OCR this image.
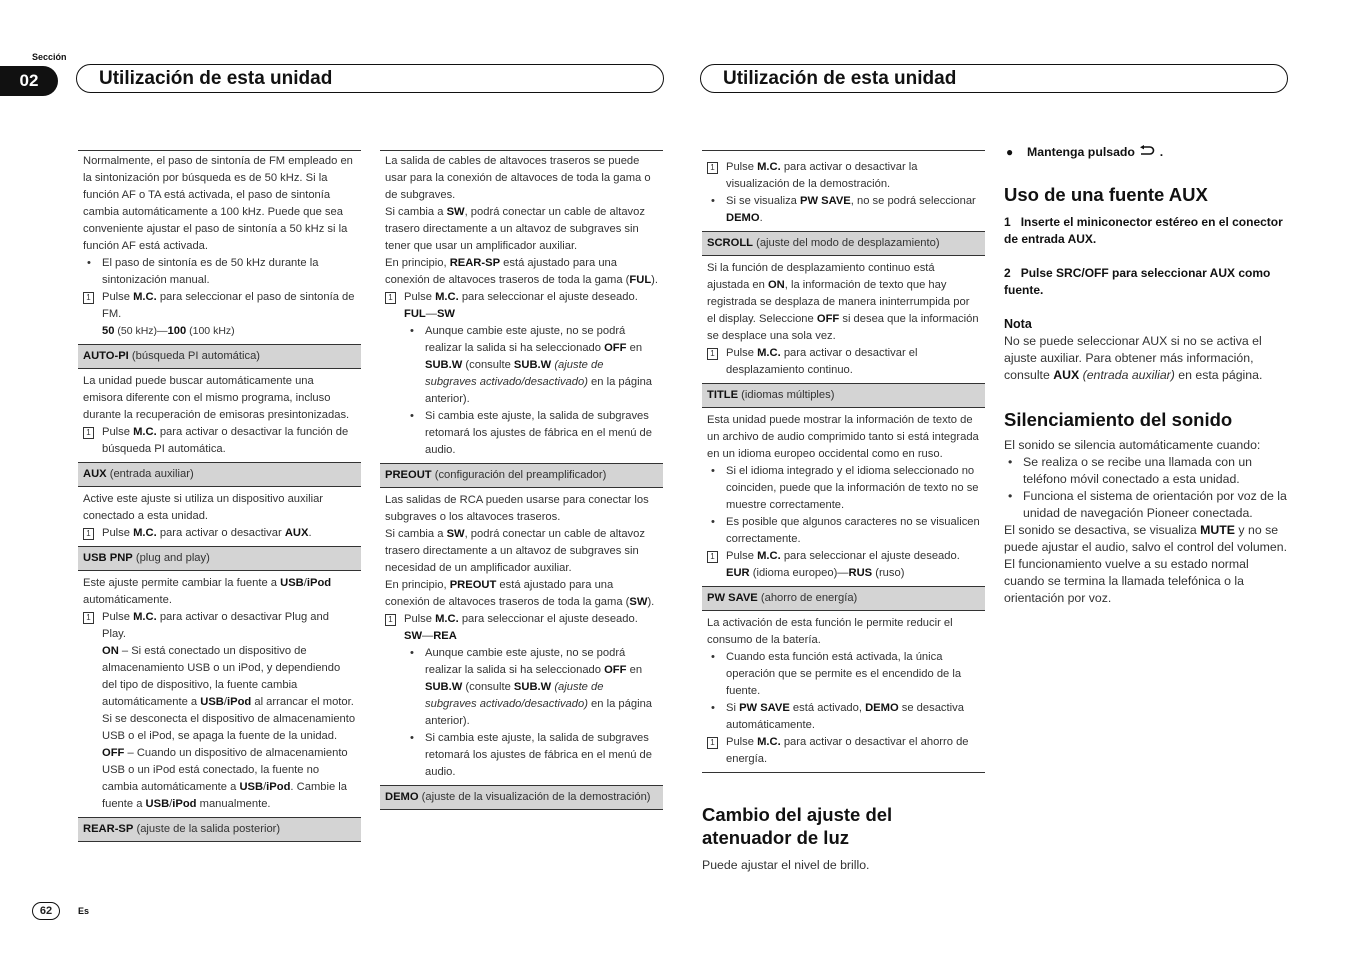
Sección
02	Utilización de esta unidad	Utilización de esta unidad

Normalmente, el paso de sintonía de FM empleado en la sintonización por búsqueda es de 50 kHz. Si la función AF o TA está activada, el paso de sintonía cambia automáticamente a 100 kHz. Puede que sea conveniente ajustar el paso de sintonía a 50 kHz si la función AF está activada.

• El paso de sintonía es de 50 kHz durante la sintonización manual.
1 Pulse M.C. para seleccionar el paso de sintonía de FM.
50 (50 kHz)—100 (100 kHz)
AUTO-PI (búsqueda PI automática)

La unidad puede buscar automáticamente una emisora diferente con el mismo programa, incluso durante la recuperación de emisoras presintonizadas.

1 Pulse M.C. para activar o desactivar la función de búsqueda PI automática.
AUX (entrada auxiliar)

Active este ajuste si utiliza un dispositivo auxiliar conectado a esta unidad.

1 Pulse M.C. para activar o desactivar AUX.
USB PNP (plug and play)

Este ajuste permite cambiar la fuente a USB/iPod automáticamente.

1 Pulse M.C. para activar o desactivar Plug and Play.
ON – Si está conectado un dispositivo de almacenamiento USB o un iPod, y dependiendo del tipo de dispositivo, la fuente cambia automáticamente a USB/iPod al arrancar el motor. Si se desconecta el dispositivo de almacenamiento USB o el iPod, se apaga la fuente de la unidad.
OFF – Cuando un dispositivo de almacenamiento USB o un iPod está conectado, la fuente no cambia automáticamente a USB/iPod. Cambie la fuente a USB/iPod manualmente.
REAR-SP (ajuste de la salida posterior)

La salida de cables de altavoces traseros se puede usar para la conexión de altavoces de toda la gama o de subgraves.

Si cambia a SW, podrá conectar un cable de altavoz trasero directamente a un altavoz de subgraves sin tener que usar un amplificador auxiliar.

En principio, REAR-SP está ajustado para una conexión de altavoces traseros de toda la gama (FUL).

1 Pulse M.C. para seleccionar el ajuste deseado.
FUL—SW
• Aunque cambie este ajuste, no se podrá realizar la salida si ha seleccionado OFF en SUB.W (consulte SUB.W (ajuste de subgraves activado/desactivado) en la página anterior).
• Si cambia este ajuste, la salida de subgraves retomará los ajustes de fábrica en el menú de audio.
PREOUT (configuración del preamplificador)

Las salidas de RCA pueden usarse para conectar los subgraves o los altavoces traseros.

Si cambia a SW, podrá conectar un cable de altavoz trasero directamente a un altavoz de subgraves sin necesidad de un amplificador auxiliar.

En principio, PREOUT está ajustado para una conexión de altavoces traseros de toda la gama (SW).

1 Pulse M.C. para seleccionar el ajuste deseado.
SW—REA
• Aunque cambie este ajuste, no se podrá realizar la salida si ha seleccionado OFF en SUB.W (consulte SUB.W (ajuste de subgraves activado/desactivado) en la página anterior).
• Si cambia este ajuste, la salida de subgraves retomará los ajustes de fábrica en el menú de audio.
DEMO (ajuste de la visualización de la demostración)
1 Pulse M.C. para activar o desactivar la visualización de la demostración.
• Si se visualiza PW SAVE, no se podrá seleccionar DEMO.
SCROLL (ajuste del modo de desplazamiento)

Si la función de desplazamiento continuo está ajustada en ON, la información de texto que hay registrada se desplaza de manera ininterrumpida por el display. Seleccione OFF si desea que la información se desplace una sola vez.

1 Pulse M.C. para activar o desactivar el desplazamiento continuo.
TITLE (idiomas múltiples)

Esta unidad puede mostrar la información de texto de un archivo de audio comprimido tanto si está integrada en un idioma europeo occidental como en ruso.

• Si el idioma integrado y el idioma seleccionado no coinciden, puede que la información de texto no se muestre correctamente.
• Es posible que algunos caracteres no se visualicen correctamente.
1 Pulse M.C. para seleccionar el ajuste deseado.
EUR (idioma europeo)—RUS (ruso)
PW SAVE (ahorro de energía)

La activación de esta función le permite reducir el consumo de la batería.

• Cuando esta función está activada, la única operación que se permite es el encendido de la fuente.
• Si PW SAVE está activado, DEMO se desactiva automáticamente.
1 Pulse M.C. para activar o desactivar el ahorro de energía.

Cambio del ajuste del
atenuador de luz

Puede ajustar el nivel de brillo.

● Mantenga pulsado  .

Uso de una fuente AUX

1 Inserte el miniconector estéreo en el conector de entrada AUX.
2 Pulse SRC/OFF para seleccionar AUX como fuente.
Nota

No se puede seleccionar AUX si no se activa el ajuste auxiliar. Para obtener más información, consulte AUX (entrada auxiliar) en esta página.

Silenciamiento del sonido

El sonido se silencia automáticamente cuando:

• Se realiza o se recibe una llamada con un teléfono móvil conectado a esta unidad.
• Funciona el sistema de orientación por voz de la unidad de navegación Pioneer conectada.

El sonido se desactiva, se visualiza MUTE y no se puede ajustar el audio, salvo el control del volumen. El funcionamiento vuelve a su estado normal cuando se termina la llamada telefónica o la orientación por voz.

62	Es
